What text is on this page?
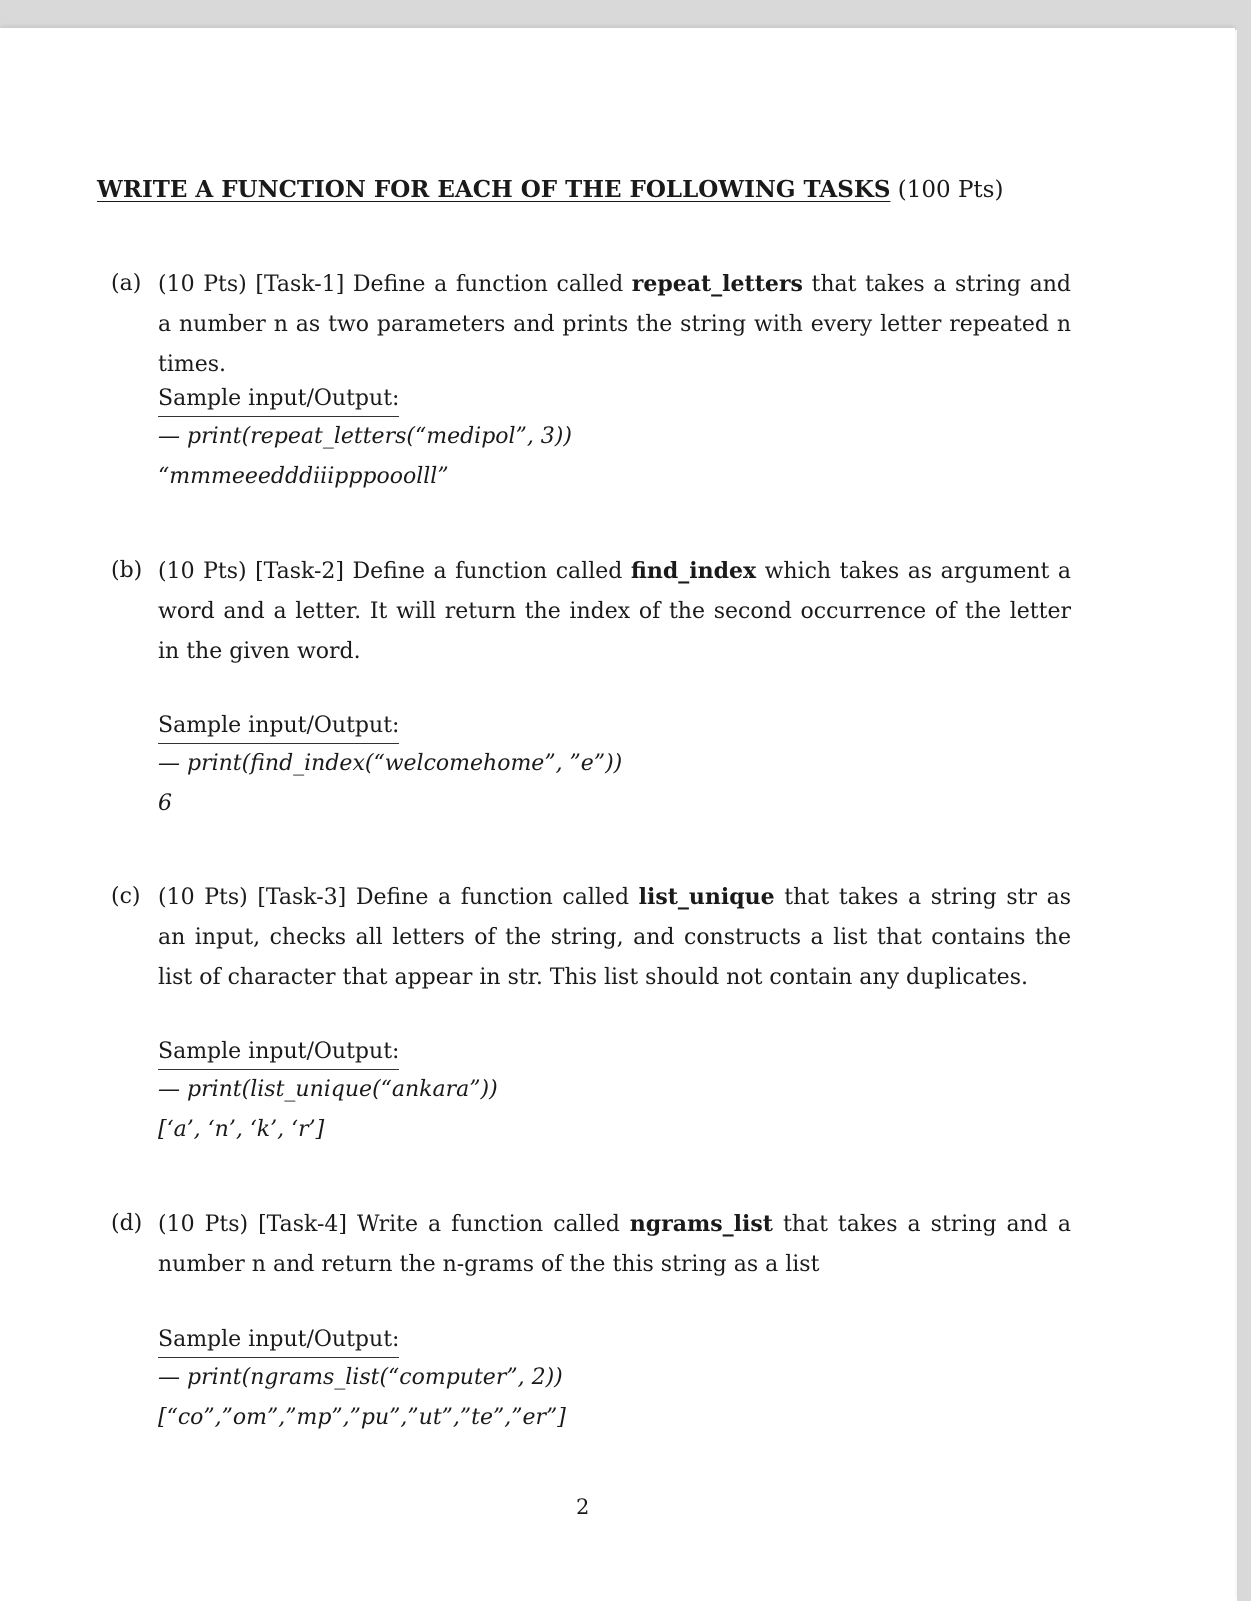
WRITE A FUNCTION FOR EACH OF THE FOLLOWING TASKS (100 Pts)
(a) (10 Pts) [Task-1] Define a function called repeat_letters that takes a string and a number n as two parameters and prints the string with every letter repeated n times.
Sample input/Output:
— print(repeat_letters(“medipol”, 3))
“mmmeeedddiiipppooolll”
(b) (10 Pts) [Task-2] Define a function called find_index which takes as argument a word and a letter. It will return the index of the second occurrence of the letter in the given word.
Sample input/Output:
— print(find_index(“welcomehome”, ”e”))
6
(c) (10 Pts) [Task-3] Define a function called list_unique that takes a string str as an input, checks all letters of the string, and constructs a list that contains the list of character that appear in str. This list should not contain any duplicates.
Sample input/Output:
— print(list_unique(“ankara”))
[‘a’, ‘n’, ‘k’, ‘r’]
(d) (10 Pts) [Task-4] Write a function called ngrams_list that takes a string and a number n and return the n-grams of the this string as a list
Sample input/Output:
— print(ngrams_list(“computer”, 2))
[“co”,”om”,”mp”,”pu”,”ut”,”te”,”er”]
2
